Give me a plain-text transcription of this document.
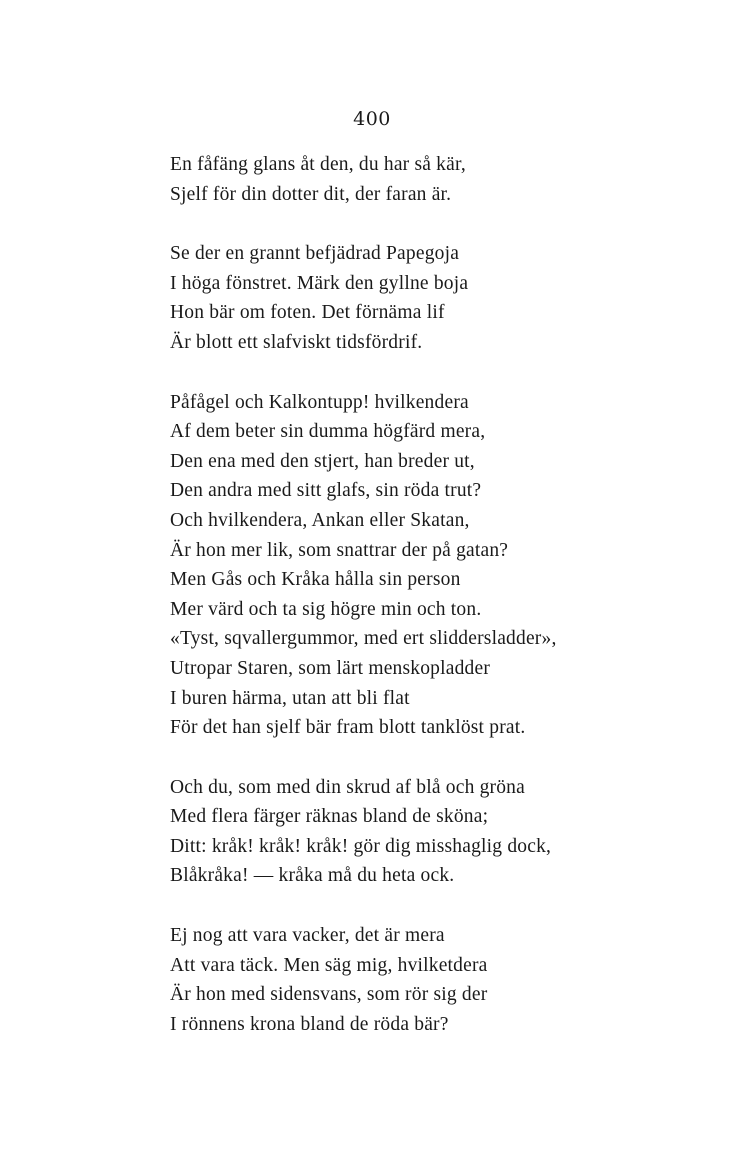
400
En fåfäng glans åt den, du har så kär,
Sjelf för din dotter dit, der faran är.
Se der en grannt befjädrad Papegoja
I höga fönstret. Märk den gyllne boja
Hon bär om foten. Det förnäma lif
Är blott ett slafviskt tidsfördrif.
Påfågel och Kalkontupp! hvilkendera
Af dem beter sin dumma högfärd mera,
Den ena med den stjert, han breder ut,
Den andra med sitt glafs, sin röda trut?
Och hvilkendera, Ankan eller Skatan,
Är hon mer lik, som snattrar der på gatan?
Men Gås och Kråka hålla sin person
Mer värd och ta sig högre min och ton.
«Tyst, sqvallergummor, med ert sliddersladder»,
Utropar Staren, som lärt menskopladder
I buren härma, utan att bli flat
För det han sjelf bär fram blott tanklöst prat.
Och du, som med din skrud af blå och gröna
Med flera färger räknas bland de sköna;
Ditt: kråk! kråk! kråk! gör dig misshaglig dock,
Blåkråka! — kråka må du heta ock.
Ej nog att vara vacker, det är mera
Att vara täck. Men säg mig, hvilketdera
Är hon med sidensvans, som rör sig der
I rönnens krona bland de röda bär?
